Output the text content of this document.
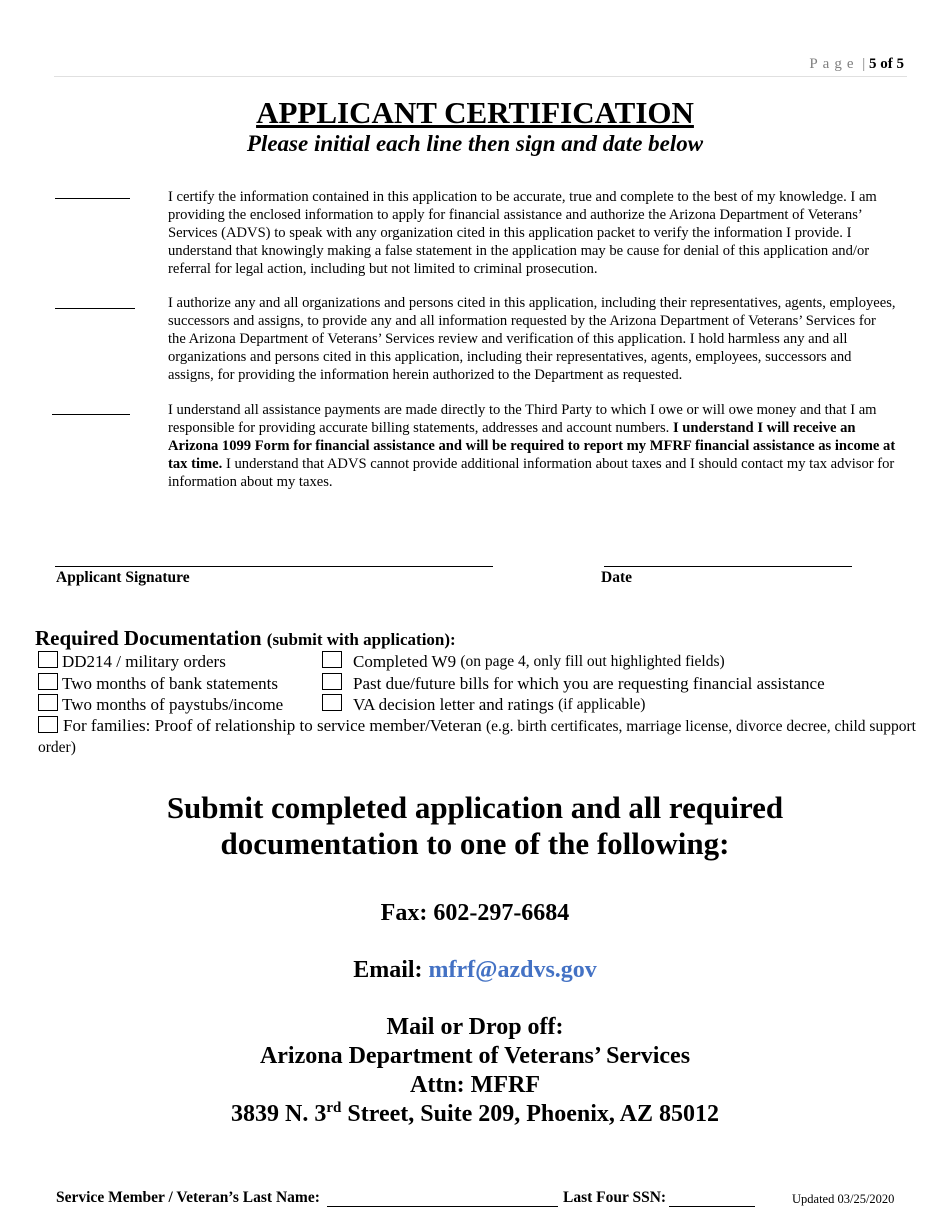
Page | 5 of 5
APPLICANT CERTIFICATION
Please initial each line then sign and date below
I certify the information contained in this application to be accurate, true and complete to the best of my knowledge. I am providing the enclosed information to apply for financial assistance and authorize the Arizona Department of Veterans’ Services (ADVS) to speak with any organization cited in this application packet to verify the information I provide. I understand that knowingly making a false statement in the application may be cause for denial of this application and/or referral for legal action, including but not limited to criminal prosecution.
I authorize any and all organizations and persons cited in this application, including their representatives, agents, employees, successors and assigns, to provide any and all information requested by the Arizona Department of Veterans’ Services for the Arizona Department of Veterans’ Services review and verification of this application. I hold harmless any and all organizations and persons cited in this application, including their representatives, agents, employees, successors and assigns, for providing the information herein authorized to the Department as requested.
I understand all assistance payments are made directly to the Third Party to which I owe or will owe money and that I am responsible for providing accurate billing statements, addresses and account numbers. I understand I will receive an Arizona 1099 Form for financial assistance and will be required to report my MFRF financial assistance as income at tax time. I understand that ADVS cannot provide additional information about taxes and I should contact my tax advisor for information about my taxes.
Applicant Signature	Date
Required Documentation (submit with application):
DD214 / military orders	Completed W9
(on page 4, only fill out highlighted fields)
Two months of bank statements	Past due/future bills for which you are requesting financial assistance
Two months of paystubs/income	VA decision letter and ratings
(if applicable)
For families: Proof of relationship to service member/Veteran (e.g. birth certificates, marriage license, divorce decree, child support order)
Submit completed application and all required
documentation to one of the following:
Fax: 602-297-6684
Email: mfrf@azdvs.gov
Mail or Drop off:
Arizona Department of Veterans’ Services
Attn: MFRF
3839 N. 3rd Street, Suite 209, Phoenix, AZ 85012
Service Member / Veteran’s Last Name:	Last Four SSN:	Updated 03/25/2020
